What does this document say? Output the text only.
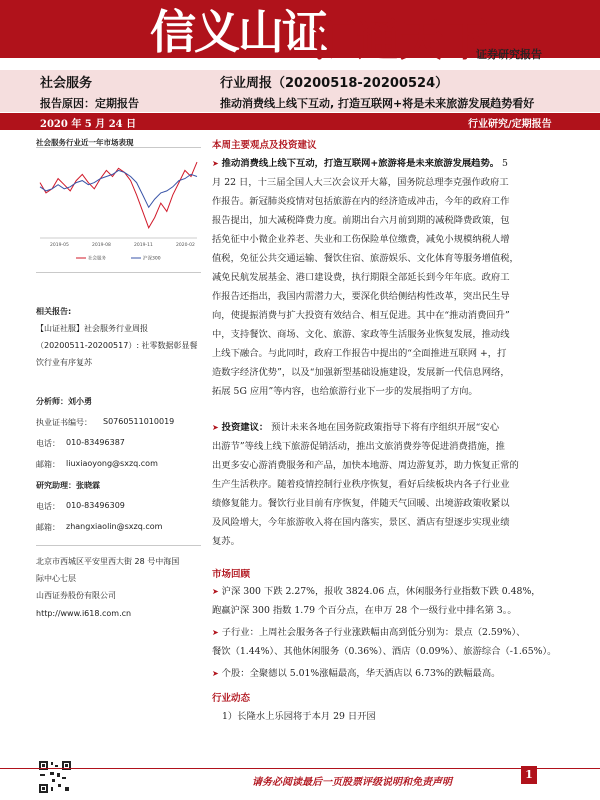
信义山证
汇通天下
证券研究报告
社会服务
报告原因：定期报告
行业周报（20200518-20200524）
推动消费线上线下互动, 打造互联网+将是未来旅游发展趋势看好
2020 年 5 月 24 日	行业研究/定期报告
社会服务行业近一年市场表现
2019-05	2019-08	2019-11	2020-02
社会服务	沪深300
相关报告:
【山证社服】社会服务行业周报
（20200511-20200517）: 社零数据彰显餐
饮行业有序复苏
分析师：刘小勇
执业证书编号： S0760511010019
电话： 010-83496387
邮箱： liuxiaoyong@sxzq.com
研究助理：张晓霖
电话： 010-83496309
邮箱： zhangxiaolin@sxzq.com
北京市西城区平安里西大街 28 号中海国
际中心七层
山西证券股份有限公司
http://www.i618.com.cn
本周主要观点及投资建议
➤ 推动消费线上线下互动，打造互联网+旅游将是未来旅游发展趋势。 5
月 22 日，十三届全国人大三次会议开大幕，国务院总理李克强作政府工
作报告。新冠肺炎疫情对包括旅游在内的经济造成冲击，今年的政府工作
报告提出，加大减税降费力度。前期出台六月前到期的减税降费政策，包
括免征中小微企业养老、失业和工伤保险单位缴费，减免小规模纳税人增
值税，免征公共交通运输、餐饮住宿、旅游娱乐、文化体育等服务增值税，
减免民航发展基金、港口建设费，执行期限全部延长到今年年底。政府工
作报告还指出，我国内需潜力大，要深化供给侧结构性改革，突出民生导
向，使提振消费与扩大投资有效结合、相互促进。其中在“推动消费回升”
中，支持餐饮、商场、文化、旅游、家政等生活服务业恢复发展，推动线
上线下融合。与此同时，政府工作报告中提出的“全面推进互联网 +，打
造数字经济优势”，以及“加强新型基础设施建设，发展新一代信息网络，
拓展 5G 应用”等内容，也给旅游行业下一步的发展指明了方向。
➤ 投资建议： 预计未来各地在国务院政策指导下将有序组织开展“安心
出游节”等线上线下旅游促销活动，推出文旅消费券等促进消费措施，推
出更多安心游消费服务和产品，加快本地游、周边游复苏，助力恢复正常的
生产生活秩序。随着疫情控制行业秩序恢复，看好后续板块内各子行业业
绩修复能力。餐饮行业目前有序恢复，伴随天气回暖、出境游政策收紧以
及风险增大，今年旅游收入将在国内落实，景区、酒店有望逐步实现业绩
复苏。
市场回顾
➤ 沪深 300 下跌 2.27%，报收 3824.06 点，休闲服务行业指数下跌 0.48%，
跑赢沪深 300 指数 1.79 个百分点，在申万 28 个一级行业中排名第 3。。
➤ 子行业：上周社会服务各子行业涨跌幅由高到低分别为：景点（2.59%）、
餐饮（1.44%）、其他休闲服务（0.36%）、酒店（0.09%）、旅游综合（-1.65%）。
➤ 个股：全聚德以 5.01%涨幅最高，华天酒店以 6.73%的跌幅最高。
行业动态
1）长隆水上乐园将于本月 29 日开园
请务必阅读最后一页股票评级说明和免责声明
1
